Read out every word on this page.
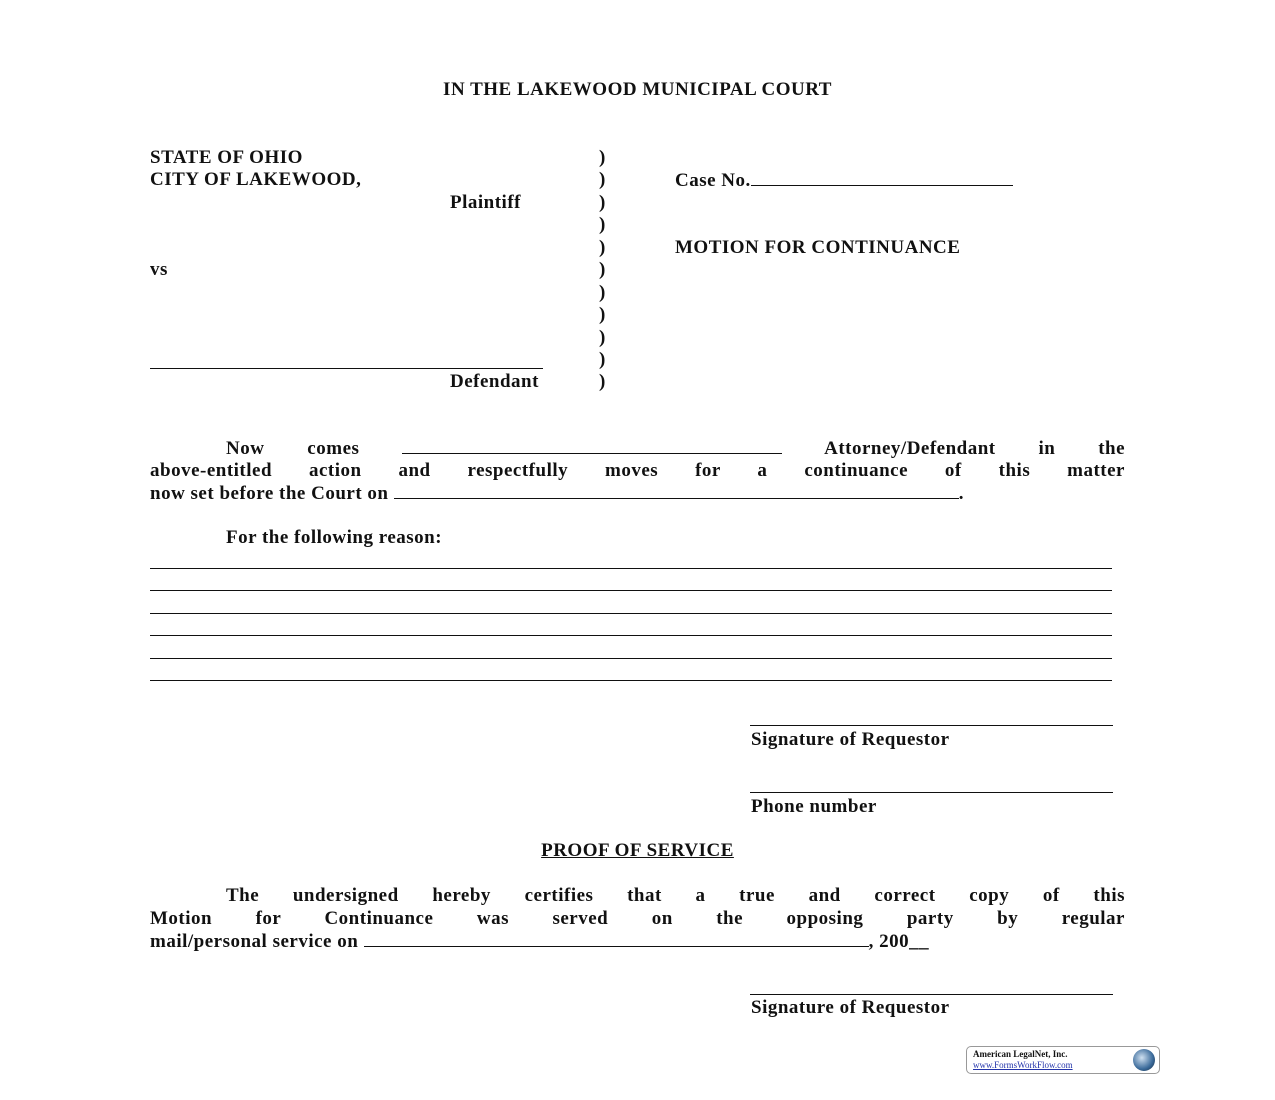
IN THE LAKEWOOD MUNICIPAL COURT
STATE OF OHIO
CITY OF LAKEWOOD,
Plaintiff
vs
Defendant
)
)
)
)
)
)
)
)
)
)
)
Case No.
MOTION FOR CONTINUANCE
Now comes	Attorney/Defendant in the
above-entitled action and respectfully moves for a continuance of this matter
now set before the Court on	.
For the following reason:
Signature of Requestor
Phone number
PROOF OF SERVICE
The undersigned hereby certifies that a true and correct copy of this
Motion for Continuance was served on the opposing party by regular
mail/personal service on	, 200__
Signature of Requestor
American LegalNet, Inc.
www.FormsWorkFlow.com
